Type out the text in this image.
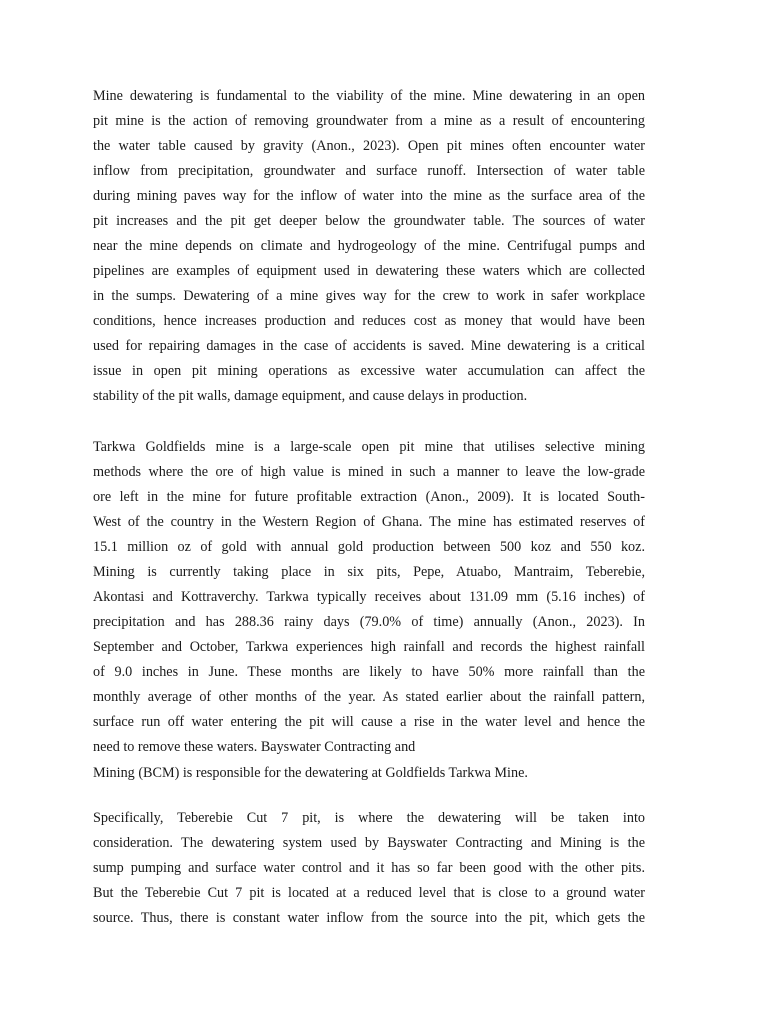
Mine dewatering is fundamental to the viability of the mine. Mine dewatering in an open
pit mine is the action of removing groundwater from a mine as a result of encountering
the water table caused by gravity (Anon., 2023). Open pit mines often encounter water
inflow from precipitation, groundwater and surface runoff. Intersection of water table
during mining paves way for the inflow of water into the mine as the surface area of the
pit increases and the pit get deeper below the groundwater table. The sources of water
near the mine depends on climate and hydrogeology of the mine. Centrifugal pumps and
pipelines are examples of equipment used in dewatering these waters which are collected
in the sumps. Dewatering of a mine gives way for the crew to work in safer workplace
conditions, hence increases production and reduces cost as money that would have been
used for repairing damages in the case of accidents is saved. Mine dewatering is a critical
issue in open pit mining operations as excessive water accumulation can affect the
stability of the pit walls, damage equipment, and cause delays in production.
Tarkwa Goldfields mine is a large-scale open pit mine that utilises selective mining
methods where the ore of high value is mined in such a manner to leave the low-grade
ore left in the mine for future profitable extraction (Anon., 2009). It is located South-
West of the country in the Western Region of Ghana. The mine has estimated reserves of
15.1 million oz of gold with annual gold production between 500 koz and 550 koz.
Mining is currently taking place in six pits, Pepe, Atuabo, Mantraim, Teberebie,
Akontasi and Kottraverchy. Tarkwa typically receives about 131.09 mm (5.16 inches) of
precipitation and has 288.36 rainy days (79.0% of time) annually (Anon., 2023). In
September and October, Tarkwa experiences high rainfall and records the highest rainfall
of 9.0 inches in June. These months are likely to have 50% more rainfall than the
monthly average of other months of the year. As stated earlier about the rainfall pattern,
surface run off water entering the pit will cause a rise in the water level and hence the
need to remove these waters. Bayswater Contracting and
Mining (BCM) is responsible for the dewatering at Goldfields Tarkwa Mine.
Specifically, Teberebie Cut 7 pit, is where the dewatering will be taken into
consideration. The dewatering system used by Bayswater Contracting and Mining is the
sump pumping and surface water control and it has so far been good with the other pits.
But the Teberebie Cut 7 pit is located at a reduced level that is close to a ground water
source. Thus, there is constant water inflow from the source into the pit, which gets the
